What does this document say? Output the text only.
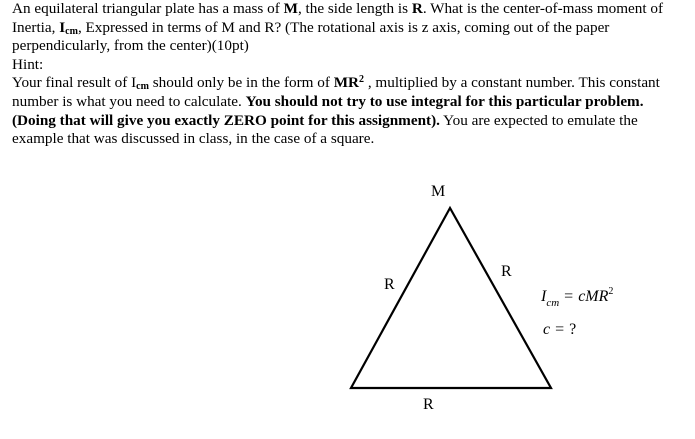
An equilateral triangular plate has a mass of M, the side length is R. What is the center-of-mass moment of Inertia, $I_{cm}$, Expressed in terms of M and R? (The rotational axis is z axis, coming out of the paper perpendicularly, from the center)(10pt)

Hint:

Your final result of $I_{cm}$ should only be in the form of $MR^2$ , multiplied by a constant number. This constant number is what you need to calculate. You should not try to use integral for this particular problem. (Doing that will give you exactly ZERO point for this assignment). You are expected to emulate the example that was discussed in class, in the case of a square.

M
R
R
R
$I_{cm} = cMR^2$
c = ?
